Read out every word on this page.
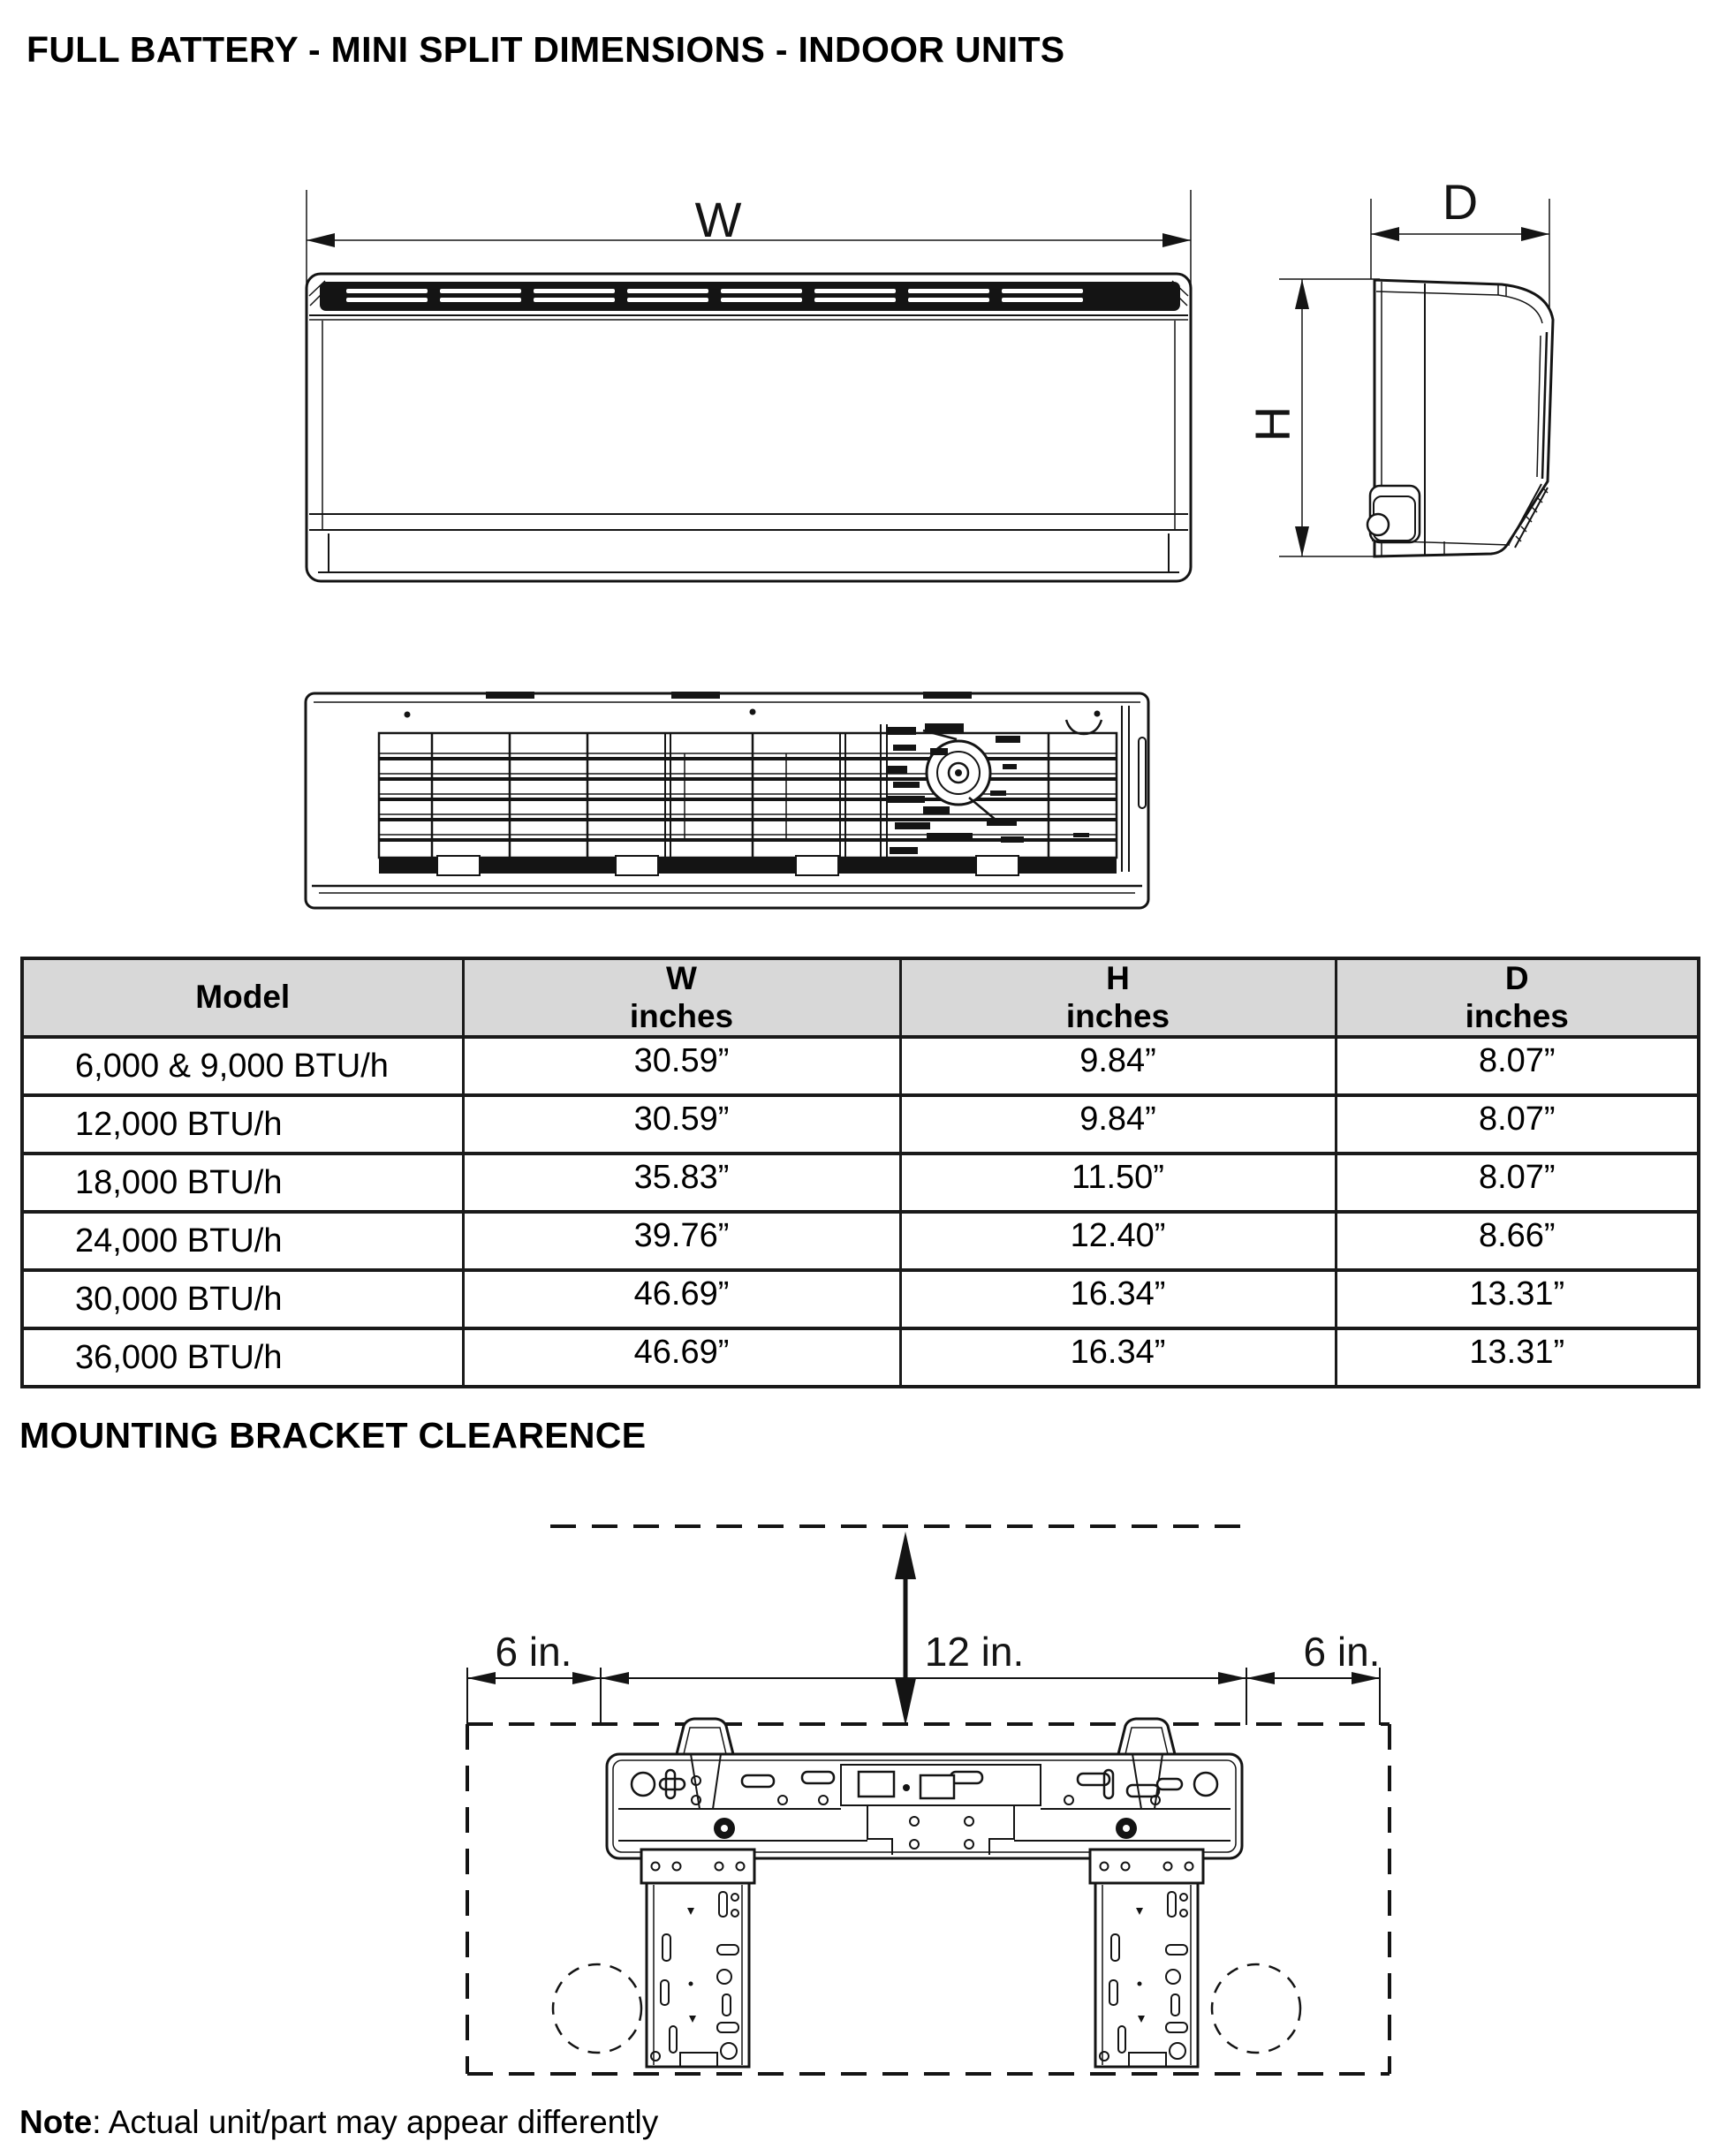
FULL BATTERY - MINI SPLIT DIMENSIONS - INDOOR UNITS
W	D
H
Model

W
inches

H
inches

D
inches

6,000 & 9,000 BTU/h	30.59”	9.84”	8.07”
12,000 BTU/h	30.59”	9.84”	8.07”
18,000 BTU/h	35.83”	11.50”	8.07”
24,000 BTU/h	39.76”	12.40”	8.66”
30,000 BTU/h	46.69”	16.34”	13.31”
36,000 BTU/h	46.69”	16.34”	13.31”
MOUNTING BRACKET CLEARENCE
12 in.
6 in.	6 in.

Note: Actual unit/part may appear differently
